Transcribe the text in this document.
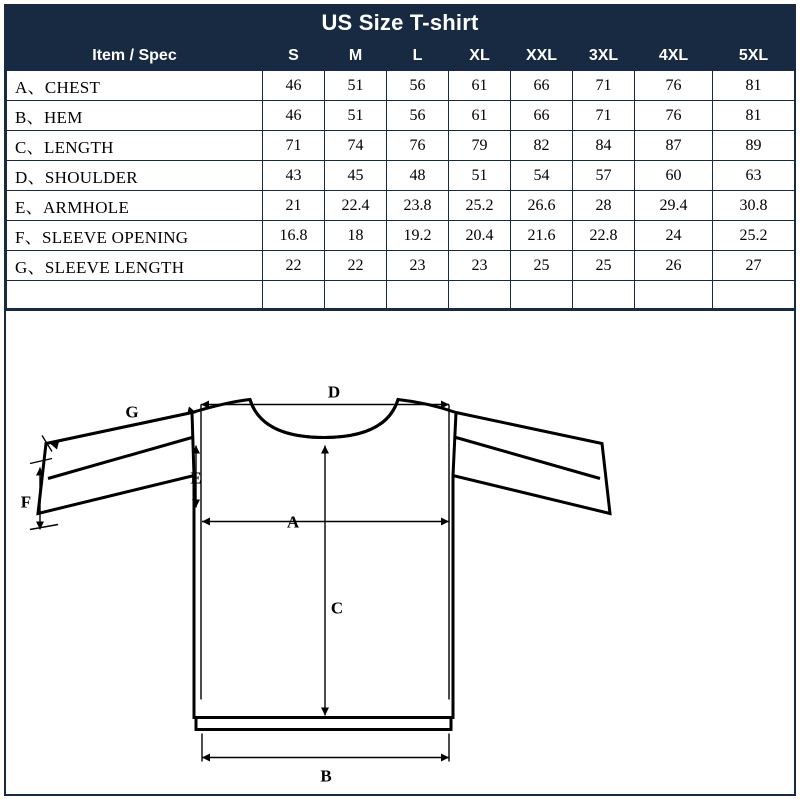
US Size T-shirt
Item / Spec	S	M	L	XL	XXL	3XL	4XL	5XL
A、CHEST	46	51	56	61	66	71	76	81
B、HEM	46	51	56	61	66	71	76	81
C、LENGTH	71	74	76	79	82	84	87	89
D、SHOULDER	43	45	48	51	54	57	60	63
E、ARMHOLE	21	22.4	23.8	25.2	26.6	28	29.4	30.8
F、SLEEVE OPENING	16.8	18	19.2	20.4	21.6	22.8	24	25.2
G、SLEEVE LENGTH	22	22	23	23	25	25	26	27

D
A
C
B
E
G
F
